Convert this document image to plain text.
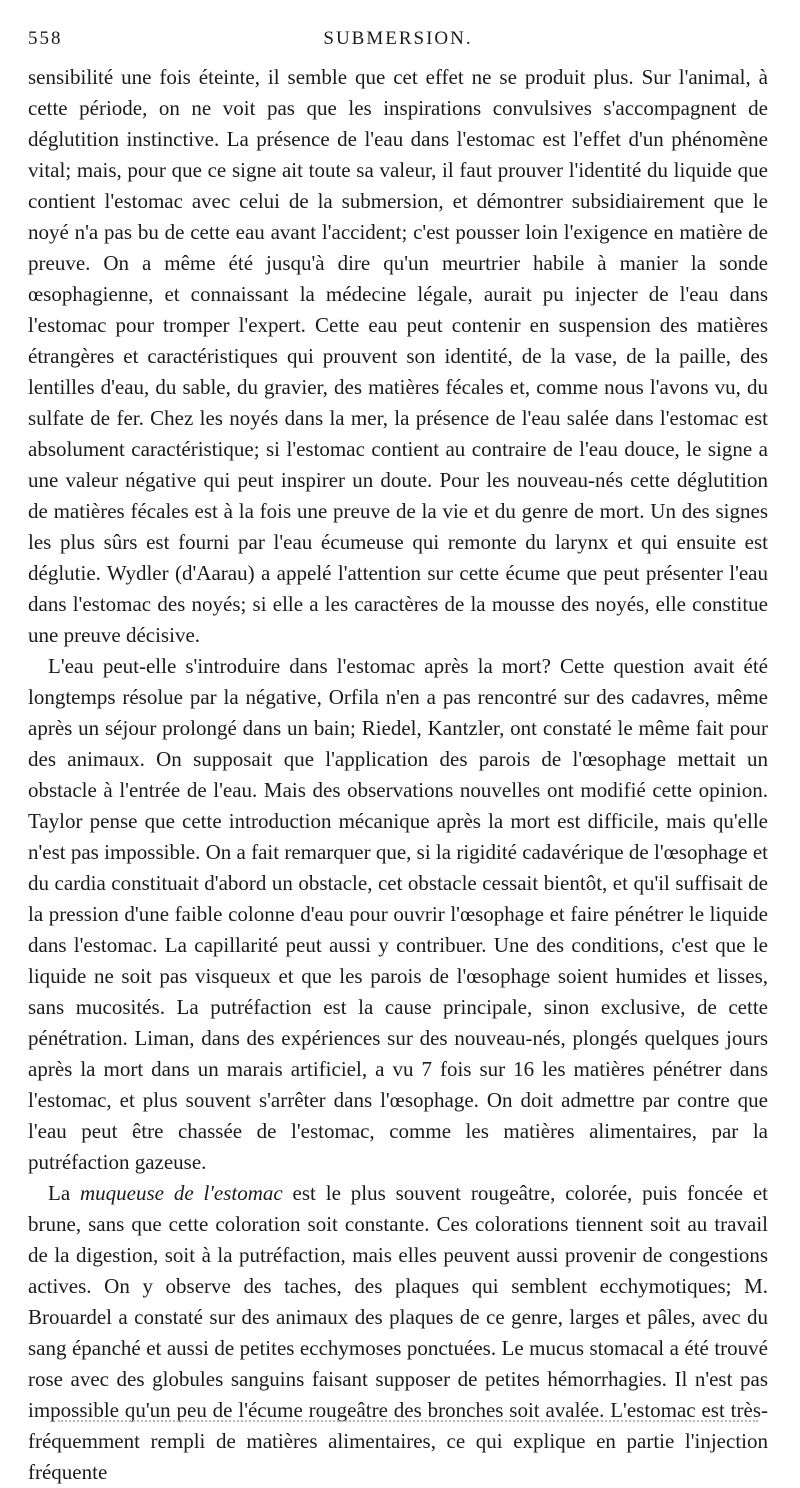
558	SUBMERSION.

sensibilité une fois éteinte, il semble que cet effet ne se produit plus. Sur l'animal, à cette période, on ne voit pas que les inspirations convulsives s'accompagnent de déglutition instinctive. La présence de l'eau dans l'estomac est l'effet d'un phénomène vital; mais, pour que ce signe ait toute sa valeur, il faut prouver l'identité du liquide que contient l'estomac avec celui de la submersion, et démontrer subsidiairement que le noyé n'a pas bu de cette eau avant l'accident; c'est pousser loin l'exigence en matière de preuve. On a même été jusqu'à dire qu'un meurtrier habile à manier la sonde œsophagienne, et connaissant la médecine légale, aurait pu injecter de l'eau dans l'estomac pour tromper l'expert. Cette eau peut contenir en suspension des matières étrangères et caractéristiques qui prouvent son identité, de la vase, de la paille, des lentilles d'eau, du sable, du gravier, des matières fécales et, comme nous l'avons vu, du sulfate de fer. Chez les noyés dans la mer, la présence de l'eau salée dans l'estomac est absolument caractéristique; si l'estomac contient au contraire de l'eau douce, le signe a une valeur négative qui peut inspirer un doute. Pour les nouveau-nés cette déglutition de matières fécales est à la fois une preuve de la vie et du genre de mort. Un des signes les plus sûrs est fourni par l'eau écumeuse qui remonte du larynx et qui ensuite est déglutie. Wydler (d'Aarau) a appelé l'attention sur cette écume que peut présenter l'eau dans l'estomac des noyés; si elle a les caractères de la mousse des noyés, elle constitue une preuve décisive.

L'eau peut-elle s'introduire dans l'estomac après la mort? Cette question avait été longtemps résolue par la négative, Orfila n'en a pas rencontré sur des cadavres, même après un séjour prolongé dans un bain; Riedel, Kantzler, ont constaté le même fait pour des animaux. On supposait que l'application des parois de l'œsophage mettait un obstacle à l'entrée de l'eau. Mais des observations nouvelles ont modifié cette opinion. Taylor pense que cette introduction mécanique après la mort est difficile, mais qu'elle n'est pas impossible. On a fait remarquer que, si la rigidité cadavérique de l'œsophage et du cardia constituait d'abord un obstacle, cet obstacle cessait bientôt, et qu'il suffisait de la pression d'une faible colonne d'eau pour ouvrir l'œsophage et faire pénétrer le liquide dans l'estomac. La capillarité peut aussi y contribuer. Une des conditions, c'est que le liquide ne soit pas visqueux et que les parois de l'œsophage soient humides et lisses, sans mucosités. La putréfaction est la cause principale, sinon exclusive, de cette pénétration. Liman, dans des expériences sur des nouveau-nés, plongés quelques jours après la mort dans un marais artificiel, a vu 7 fois sur 16 les matières pénétrer dans l'estomac, et plus souvent s'arrêter dans l'œsophage. On doit admettre par contre que l'eau peut être chassée de l'estomac, comme les matières alimentaires, par la putréfaction gazeuse.

La muqueuse de l'estomac est le plus souvent rougeâtre, colorée, puis foncée et brune, sans que cette coloration soit constante. Ces colorations tiennent soit au travail de la digestion, soit à la putréfaction, mais elles peuvent aussi provenir de congestions actives. On y observe des taches, des plaques qui semblent ecchymotiques; M. Brouardel a constaté sur des animaux des plaques de ce genre, larges et pâles, avec du sang épanché et aussi de petites ecchymoses ponctuées. Le mucus stomacal a été trouvé rose avec des globules sanguins faisant supposer de petites hémorrhagies. Il n'est pas impossible qu'un peu de l'écume rougeâtre des bronches soit avalée. L'estomac est très-fréquemment rempli de matières alimentaires, ce qui explique en partie l'injection fréquente
